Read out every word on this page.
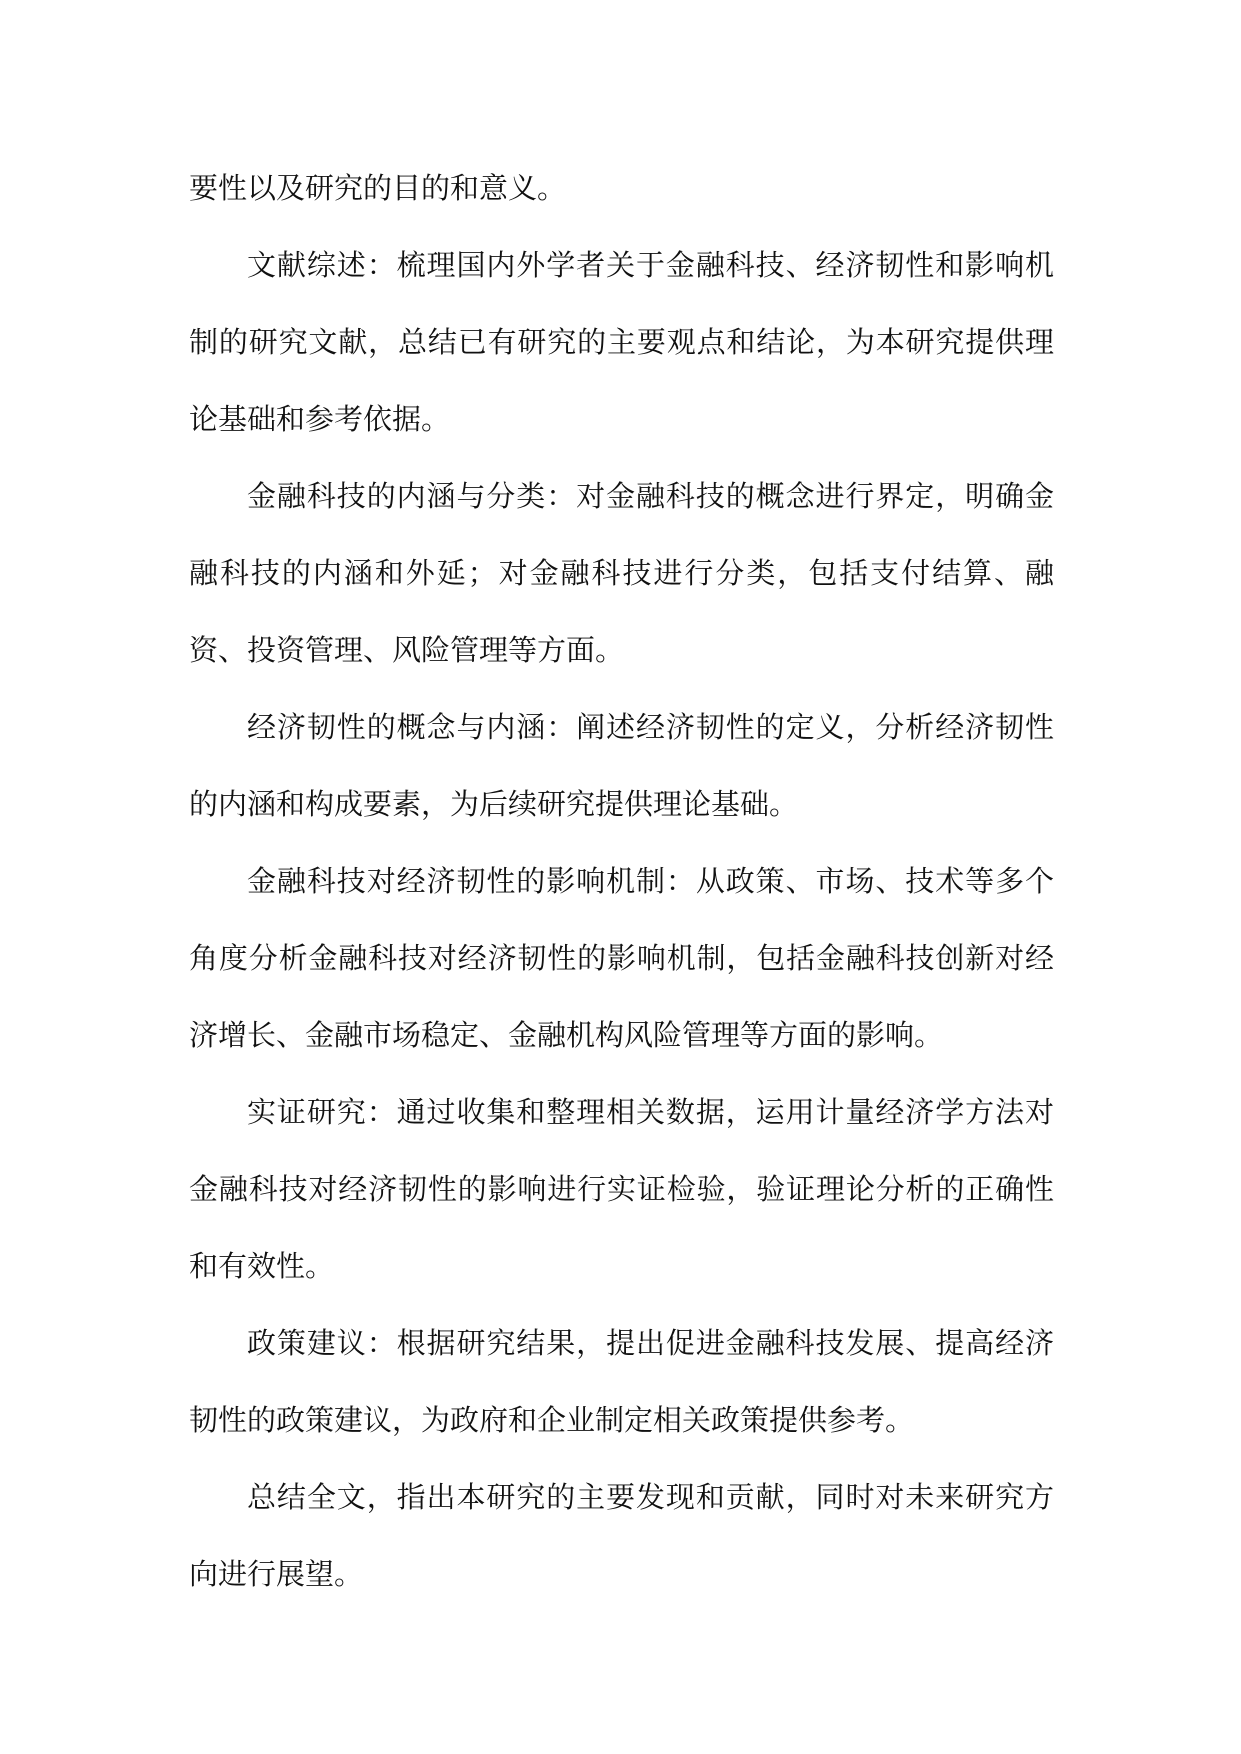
要性以及研究的目的和意义。

文献综述：梳理国内外学者关于金融科技、经济韧性和影响机制的研究文献，总结已有研究的主要观点和结论，为本研究提供理论基础和参考依据。

金融科技的内涵与分类：对金融科技的概念进行界定，明确金融科技的内涵和外延；对金融科技进行分类，包括支付结算、融资、投资管理、风险管理等方面。

经济韧性的概念与内涵：阐述经济韧性的定义，分析经济韧性的内涵和构成要素，为后续研究提供理论基础。

金融科技对经济韧性的影响机制：从政策、市场、技术等多个角度分析金融科技对经济韧性的影响机制，包括金融科技创新对经济增长、金融市场稳定、金融机构风险管理等方面的影响。

实证研究：通过收集和整理相关数据，运用计量经济学方法对金融科技对经济韧性的影响进行实证检验，验证理论分析的正确性和有效性。

政策建议：根据研究结果，提出促进金融科技发展、提高经济韧性的政策建议，为政府和企业制定相关政策提供参考。

总结全文，指出本研究的主要发现和贡献，同时对未来研究方向进行展望。
